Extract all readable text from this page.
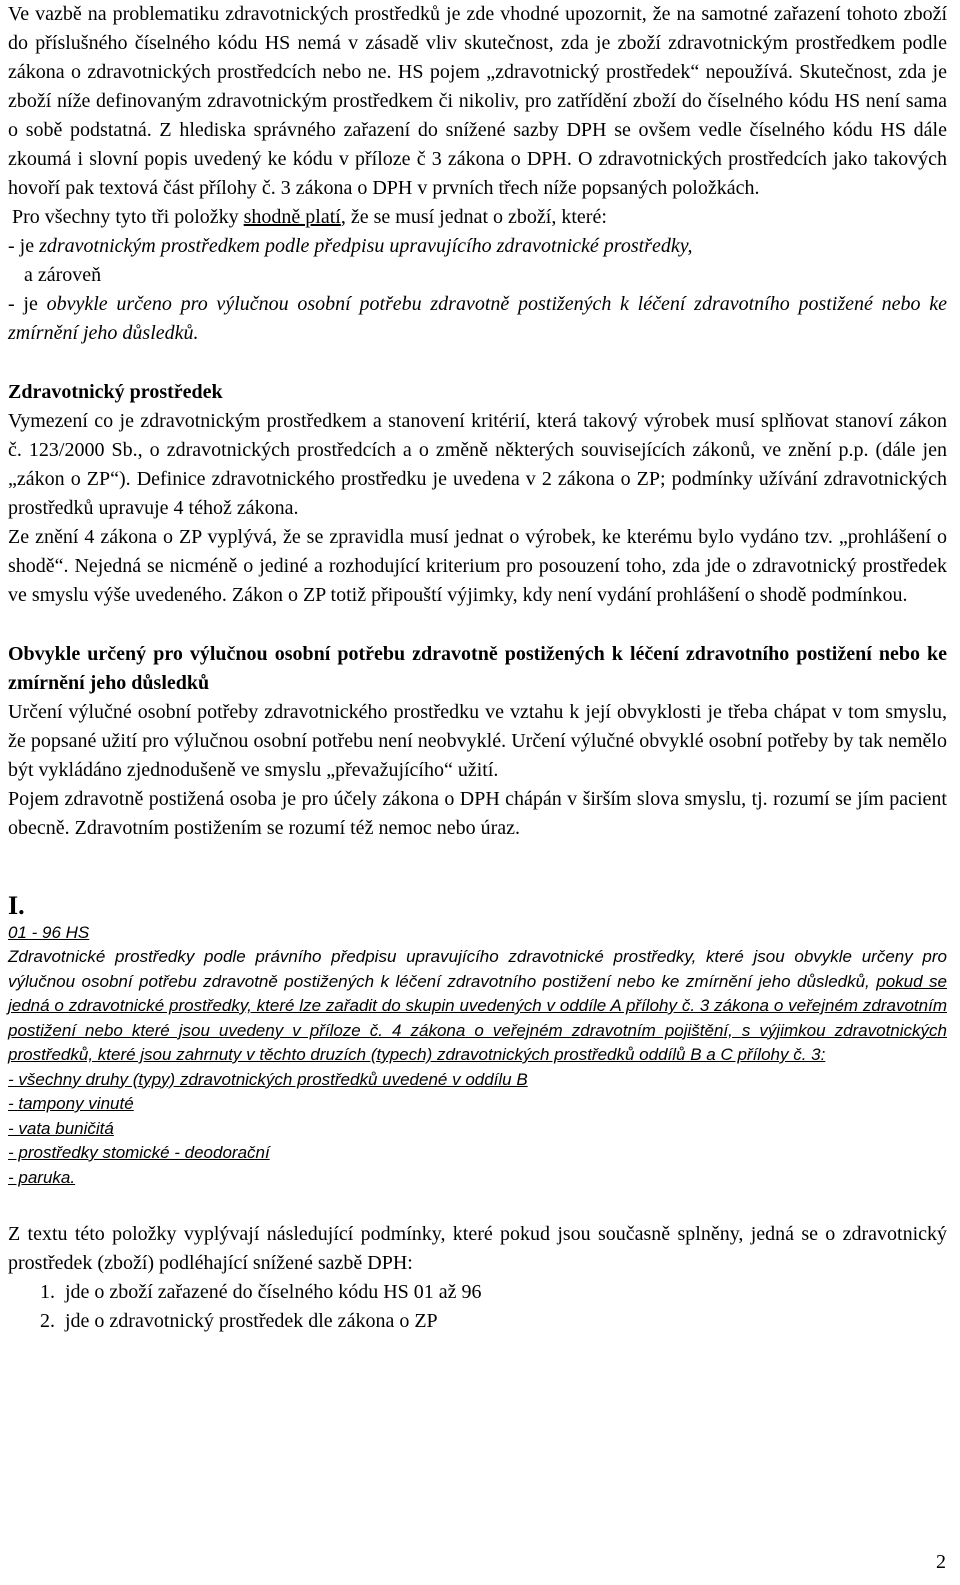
Ve vazbě na problematiku zdravotnických prostředků je zde vhodné upozornit, že na samotné zařazení tohoto zboží do příslušného číselného kódu HS nemá v zásadě vliv skutečnost, zda je zboží zdravotnickým prostředkem podle zákona o zdravotnických prostředcích nebo ne. HS pojem „zdravotnický prostředek“ nepoužívá. Skutečnost, zda je zboží níže definovaným zdravotnickým prostředkem či nikoliv, pro zatřídění zboží do číselného kódu HS není sama o sobě podstatná. Z hlediska správného zařazení do snížené sazby DPH se ovšem vedle číselného kódu HS dále zkoumá i slovní popis uvedený ke kódu v příloze č 3 zákona o DPH. O zdravotnických prostředcích jako takových hovoří pak textová část přílohy č. 3 zákona o DPH v prvních třech níže popsaných položkách.

Pro všechny tyto tři položky shodně platí, že se musí jednat o zboží, které:

- je zdravotnickým prostředkem podle předpisu upravujícího zdravotnické prostředky,

a zároveň

- je obvykle určeno pro výlučnou osobní potřebu zdravotně postižených k léčení zdravotního postižené nebo ke zmírnění jeho důsledků.

Zdravotnický prostředek

Vymezení co je zdravotnickým prostředkem a stanovení kritérií, která takový výrobek musí splňovat stanoví zákon č. 123/2000 Sb., o zdravotnických prostředcích a o změně některých souvisejících zákonů, ve znění p.p. (dále jen „zákon o ZP“). Definice zdravotnického prostředku je uvedena v 2 zákona o ZP; podmínky užívání zdravotnických prostředků upravuje 4 téhož zákona.

Ze znění 4 zákona o ZP vyplývá, že se zpravidla musí jednat o výrobek, ke kterému bylo vydáno tzv. „prohlášení o shodě“. Nejedná se nicméně o jediné a rozhodující kriterium pro posouzení toho, zda jde o zdravotnický prostředek ve smyslu výše uvedeného. Zákon o ZP totiž připouští výjimky, kdy není vydání prohlášení o shodě podmínkou.

Obvykle určený pro výlučnou osobní potřebu zdravotně postižených k léčení zdravotního postižení nebo ke zmírnění jeho důsledků

Určení výlučné osobní potřeby zdravotnického prostředku ve vztahu k její obvyklosti je třeba chápat v tom smyslu, že popsané užití pro výlučnou osobní potřebu není neobvyklé. Určení výlučné obvyklé osobní potřeby by tak nemělo být vykládáno zjednodušeně ve smyslu „převažujícího“ užití.

Pojem zdravotně postižená osoba je pro účely zákona o DPH chápán v širším slova smyslu, tj. rozumí se jím pacient obecně. Zdravotním postižením se rozumí též nemoc nebo úraz.

I.

01 - 96 HS

Zdravotnické prostředky podle právního předpisu upravujícího zdravotnické prostředky, které jsou obvykle určeny pro výlučnou osobní potřebu zdravotně postižených k léčení zdravotního postižení nebo ke zmírnění jeho důsledků, pokud se jedná o zdravotnické prostředky, které lze zařadit do skupin uvedených v oddíle A přílohy č. 3 zákona o veřejném zdravotním postižení nebo které jsou uvedeny v příloze č. 4 zákona o veřejném zdravotním pojištění, s výjimkou zdravotnických prostředků, které jsou zahrnuty v těchto druzích (typech) zdravotnických prostředků oddílů B a C přílohy č. 3:

- všechny druhy (typy) zdravotnických prostředků uvedené v oddílu B

- tampony vinuté

- vata buničitá

- prostředky stomické - deodorační

- paruka.

Z textu této položky vyplývají následující podmínky, které pokud jsou současně splněny, jedná se o zdravotnický prostředek (zboží) podléhající snížené sazbě DPH:

1. jde o zboží zařazené do číselného kódu HS 01 až 96
2. jde o zdravotnický prostředek dle zákona o ZP
2
